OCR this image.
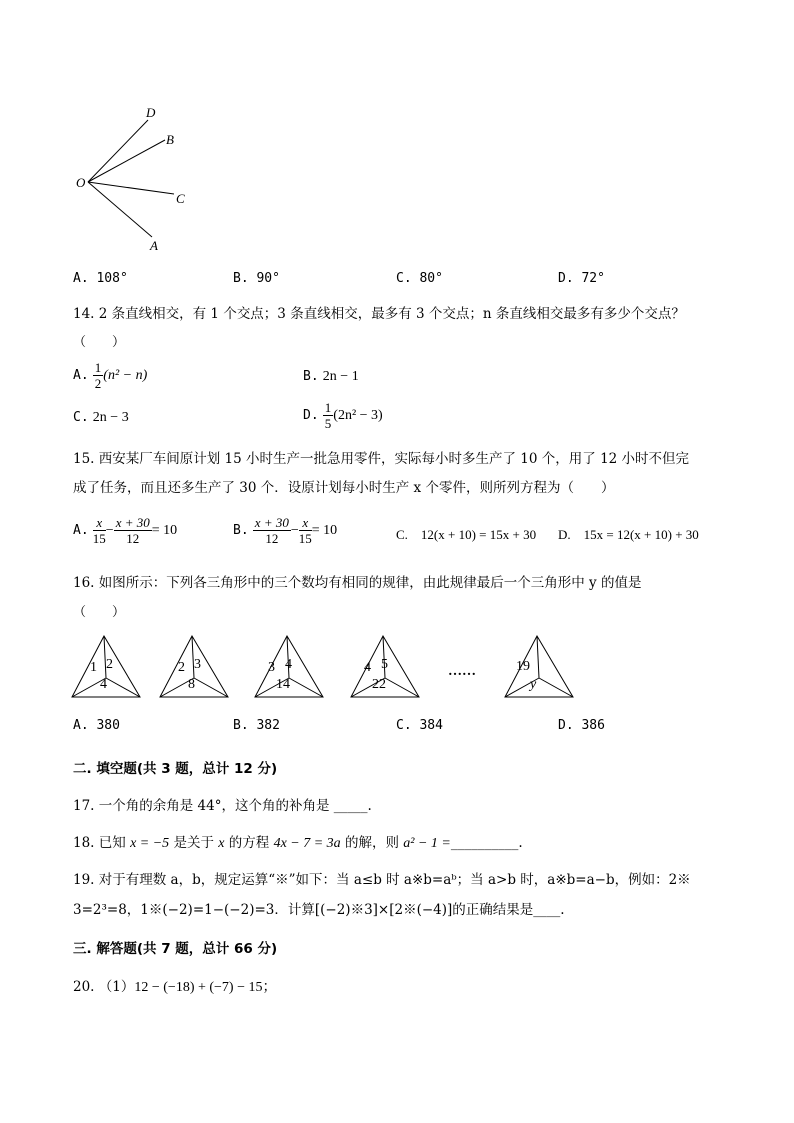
D
B
O
C
A
A. 108°	B. 90°	C. 80°	D. 72°
14. 2 条直线相交，有 1 个交点；3 条直线相交，最多有 3 个交点；n 条直线相交最多有多少个交点？
（　　）
A. $\frac{1}{2} (n^2 - n)$	B. 2n − 1
C. 2n − 3	D. $\frac{1}{5} (2n^2 - 3)$
15. 西安某厂车间原计划 15 小时生产一批急用零件，实际每小时多生产了 10 个，用了 12 小时不但完
成了任务，而且还多生产了 30 个．设原计划每小时生产 x 个零件，则所列方程为（　　）
A. $\frac{x}{15} - \frac{x + 30}{12} = 10$	B. $\frac{x + 30}{12} - \frac{x}{15} = 10$	C.　12(x + 10) = 15x + 30 D.　15x = 12(x + 10) + 30
16. 如图所示：下列各三角形中的三个数均有相同的规律，由此规律最后一个三角形中 y 的值是
（　　）
1 2
4
2 3
8
3 4
14
4 5
22
……	19
y
A. 380	B. 382	C. 384	D. 386
二. 填空题(共 3 题，总计 12 分)
17. 一个角的余角是 44°，这个角的补角是 _____.
18. 已知 x = −5 是关于 x 的方程 4x − 7 = 3a 的解，则 a² − 1 =__________.
19. 对于有理数 a，b，规定运算“※”如下：当 a≤b 时 a※b=aᵇ；当 a>b 时，a※b=a−b，例如：2※
3=2³=8，1※(−2)=1−(−2)=3．计算[(−2)※3]×[2※(−4)]的正确结果是____.
三. 解答题(共 7 题，总计 66 分)
20. （1）12 − (−18) + (−7) − 15；
